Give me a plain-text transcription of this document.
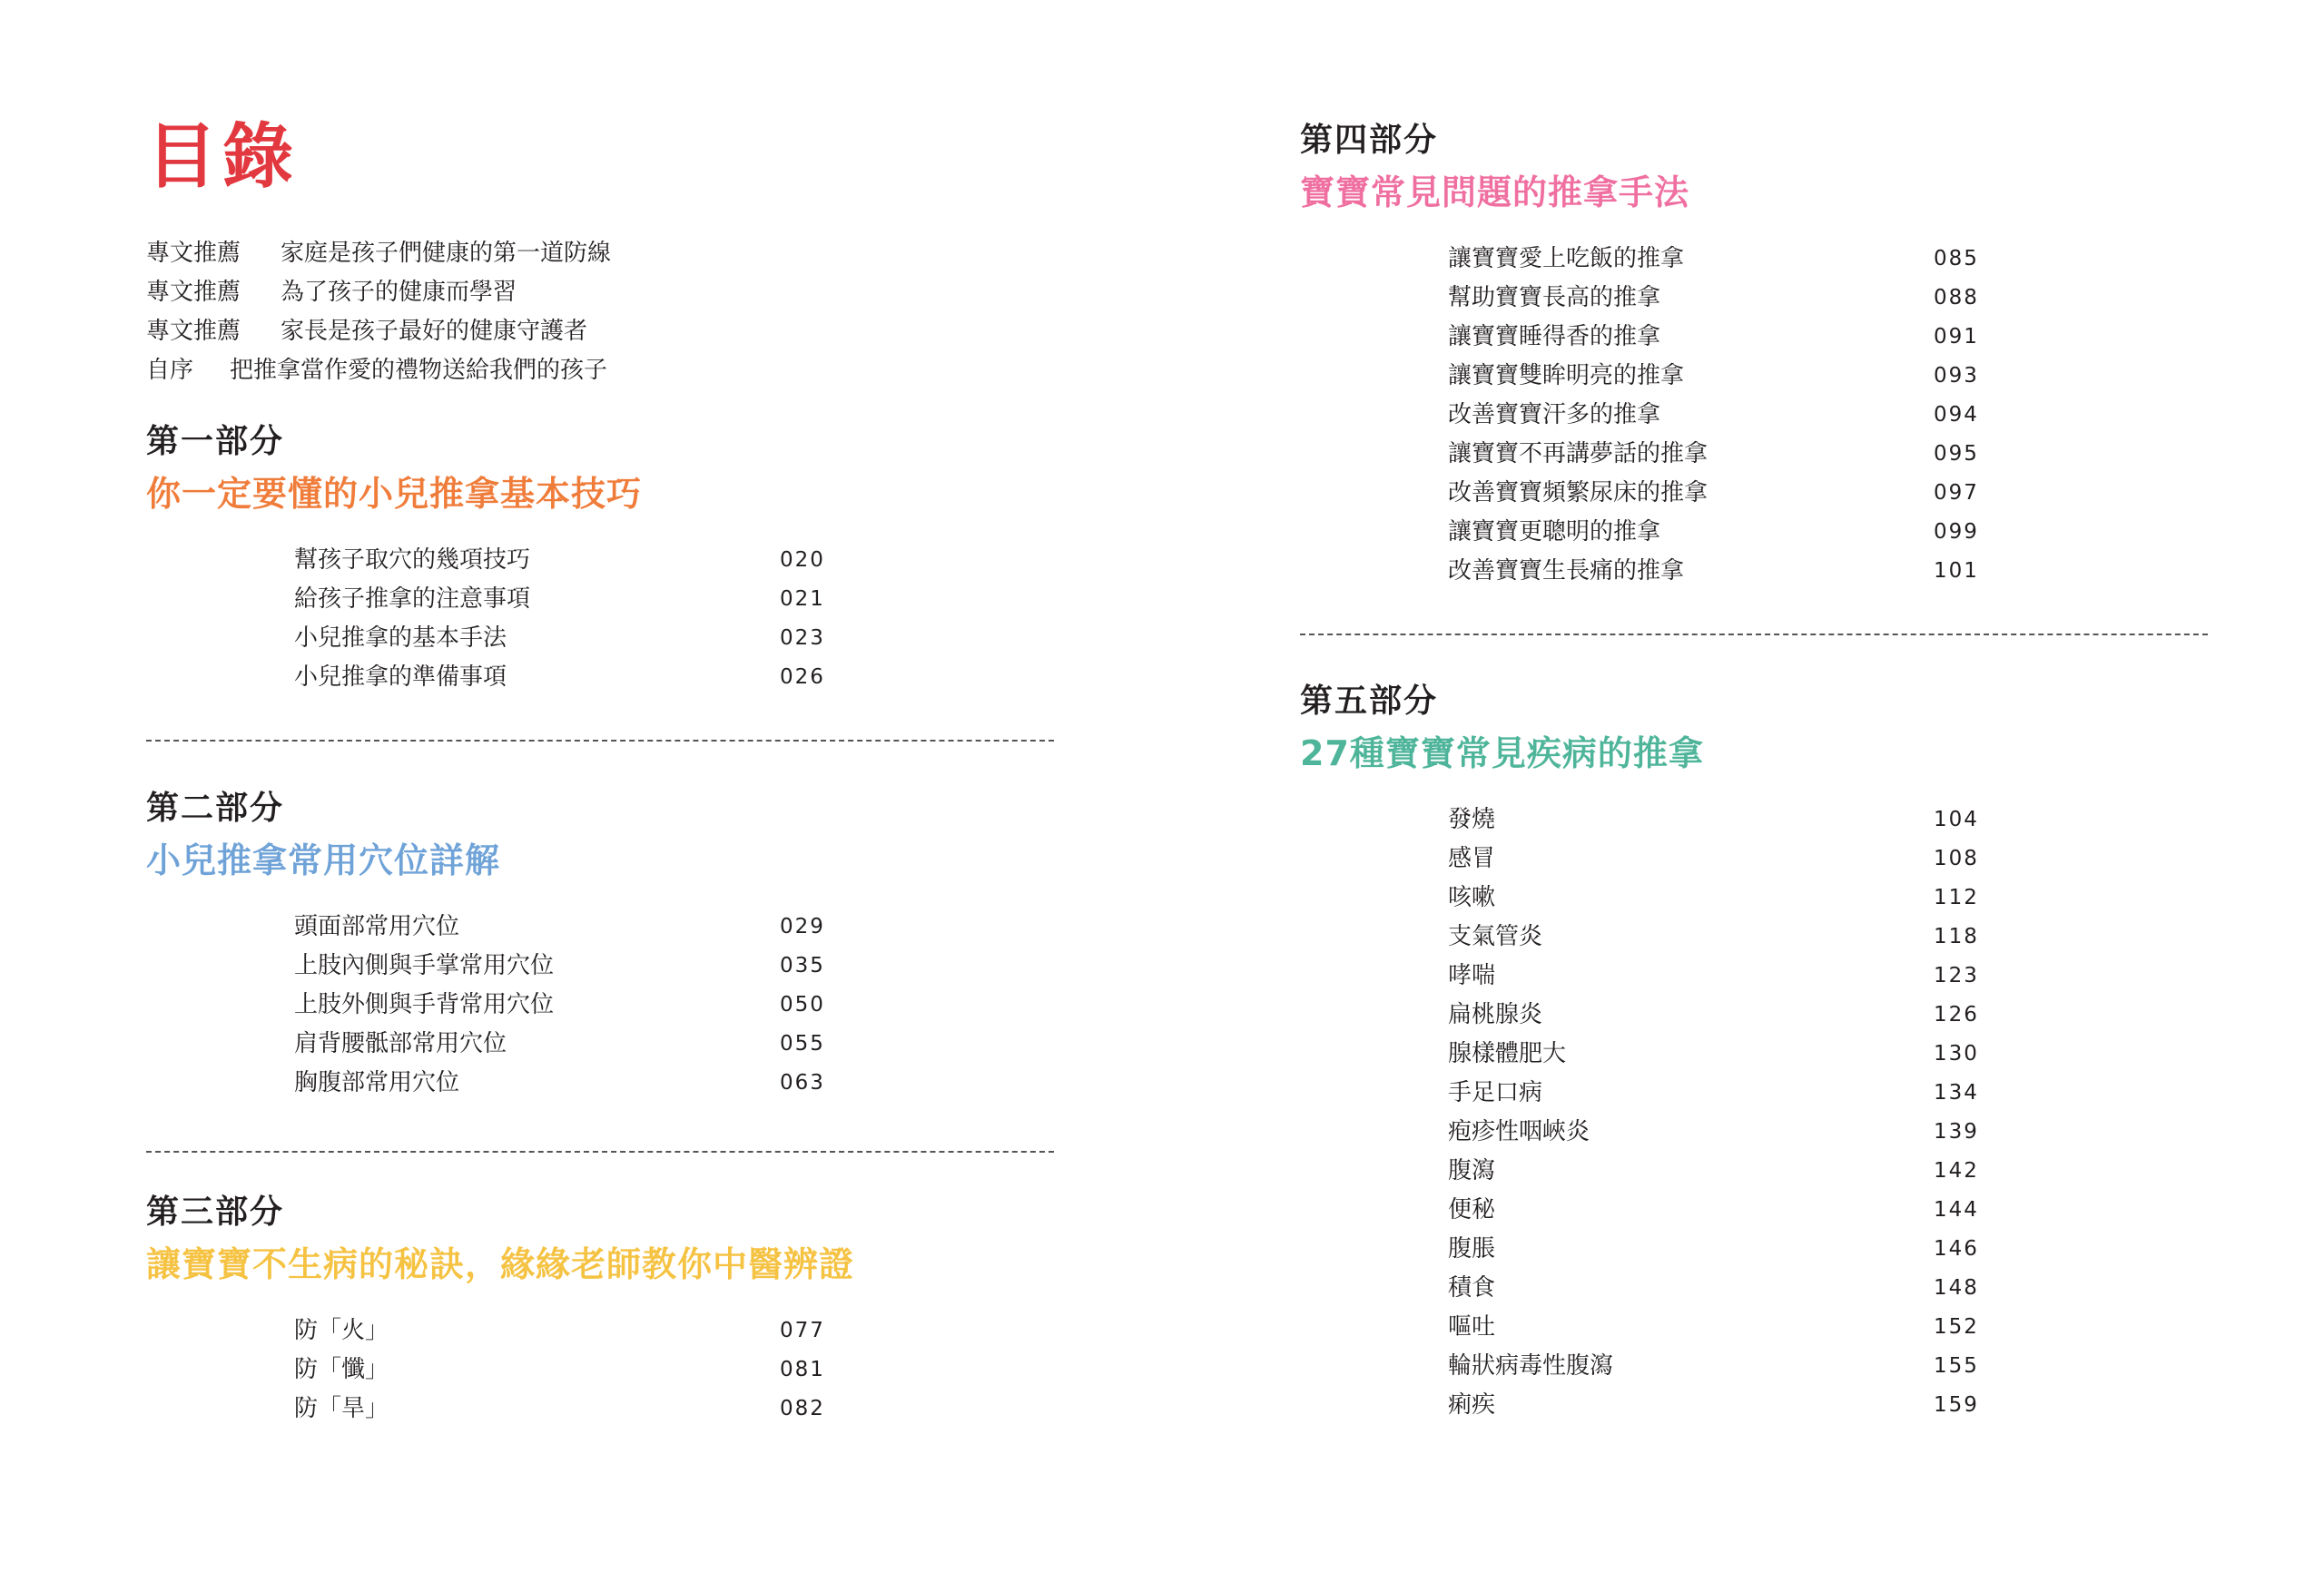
目錄
專文推薦 家庭是孩子們健康的第一道防線
專文推薦 為了孩子的健康而學習
專文推薦 家長是孩子最好的健康守護者
自序 把推拿當作愛的禮物送給我們的孩子
第一部分
你一定要懂的小兒推拿基本技巧
幫孩子取穴的幾項技巧	020
給孩子推拿的注意事項	021
小兒推拿的基本手法	023
小兒推拿的準備事項	026
第二部分
小兒推拿常用穴位詳解
頭面部常用穴位	029
上肢內側與手掌常用穴位	035
上肢外側與手背常用穴位	050
肩背腰骶部常用穴位	055
胸腹部常用穴位	063
第三部分
讓寶寶不生病的秘訣，緣緣老師教你中醫辨證
防「火」	077
防「懺」	081
防「旱」	082
第四部分
寶寶常見問題的推拿手法
讓寶寶愛上吃飯的推拿	085
幫助寶寶長高的推拿	088
讓寶寶睡得香的推拿	091
讓寶寶雙眸明亮的推拿	093
改善寶寶汗多的推拿	094
讓寶寶不再講夢話的推拿	095
改善寶寶頻繁尿床的推拿	097
讓寶寶更聰明的推拿	099
改善寶寶生長痛的推拿	101
第五部分
27種寶寶常見疾病的推拿
發燒	104
感冒	108
咳嗽	112
支氣管炎	118
哮喘	123
扁桃腺炎	126
腺樣體肥大	130
手足口病	134
疱疹性咽峽炎	139
腹瀉	142
便秘	144
腹脹	146
積食	148
嘔吐	152
輪狀病毒性腹瀉	155
痢疾	159
